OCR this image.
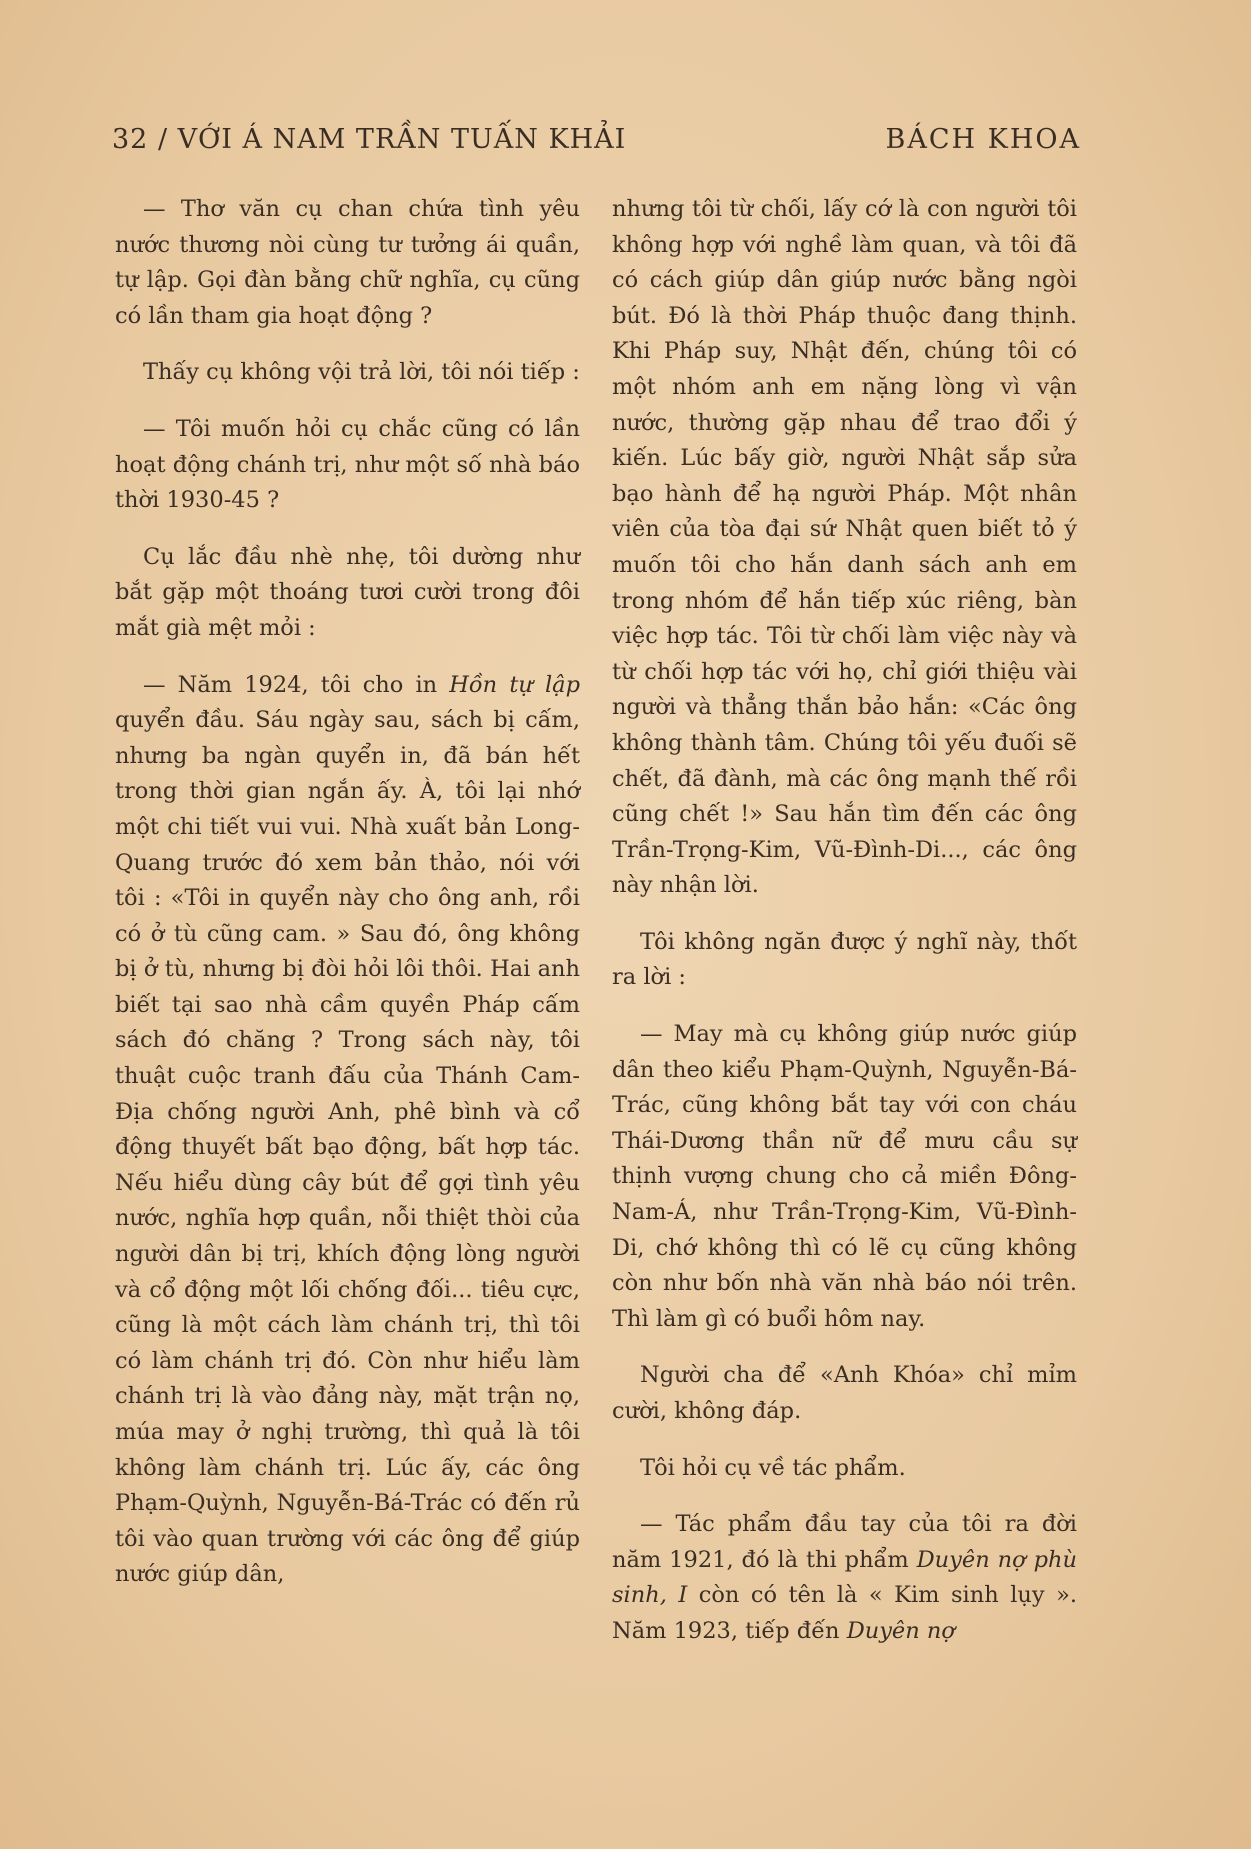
32 / VỚI Á NAM TRẦN TUẤN KHẢI	BÁCH KHOA

— Thơ văn cụ chan chứa tình yêu nước thương nòi cùng tư tưởng ái quần, tự lập. Gọi đàn bằng chữ nghĩa, cụ cũng có lần tham gia hoạt động ?

Thấy cụ không vội trả lời, tôi nói tiếp :

— Tôi muốn hỏi cụ chắc cũng có lần hoạt động chánh trị, như một số nhà báo thời 1930-45 ?

Cụ lắc đầu nhè nhẹ, tôi dường như bắt gặp một thoáng tươi cười trong đôi mắt già mệt mỏi :

— Năm 1924, tôi cho in Hồn tự lập quyển đầu. Sáu ngày sau, sách bị cấm, nhưng ba ngàn quyển in, đã bán hết trong thời gian ngắn ấy. À, tôi lại nhớ một chi tiết vui vui. Nhà xuất bản Long-Quang trước đó xem bản thảo, nói với tôi : «Tôi in quyển này cho ông anh, rồi có ở tù cũng cam. » Sau đó, ông không bị ở tù, nhưng bị đòi hỏi lôi thôi. Hai anh biết tại sao nhà cầm quyền Pháp cấm sách đó chăng ? Trong sách này, tôi thuật cuộc tranh đấu của Thánh Cam-Địa chống người Anh, phê bình và cổ động thuyết bất bạo động, bất hợp tác. Nếu hiểu dùng cây bút để gợi tình yêu nước, nghĩa hợp quần, nỗi thiệt thòi của người dân bị trị, khích động lòng người và cổ động một lối chống đối... tiêu cực, cũng là một cách làm chánh trị, thì tôi có làm chánh trị đó. Còn như hiểu làm chánh trị là vào đảng này, mặt trận nọ, múa may ở nghị trường, thì quả là tôi không làm chánh trị. Lúc ấy, các ông Phạm-Quỳnh, Nguyễn-Bá-Trác có đến rủ tôi vào quan trường với các ông để giúp nước giúp dân,

nhưng tôi từ chối, lấy cớ là con người tôi không hợp với nghề làm quan, và tôi đã có cách giúp dân giúp nước bằng ngòi bút. Đó là thời Pháp thuộc đang thịnh. Khi Pháp suy, Nhật đến, chúng tôi có một nhóm anh em nặng lòng vì vận nước, thường gặp nhau để trao đổi ý kiến. Lúc bấy giờ, người Nhật sắp sửa bạo hành để hạ người Pháp. Một nhân viên của tòa đại sứ Nhật quen biết tỏ ý muốn tôi cho hắn danh sách anh em trong nhóm để hắn tiếp xúc riêng, bàn việc hợp tác. Tôi từ chối làm việc này và từ chối hợp tác với họ, chỉ giới thiệu vài người và thẳng thắn bảo hắn: «Các ông không thành tâm. Chúng tôi yếu đuối sẽ chết, đã đành, mà các ông mạnh thế rồi cũng chết !» Sau hắn tìm đến các ông Trần-Trọng-Kim, Vũ-Đình-Di..., các ông này nhận lời.

Tôi không ngăn được ý nghĩ này, thốt ra lời :

— May mà cụ không giúp nước giúp dân theo kiểu Phạm-Quỳnh, Nguyễn-Bá-Trác, cũng không bắt tay với con cháu Thái-Dương thần nữ để mưu cầu sự thịnh vượng chung cho cả miền Đông-Nam-Á, như Trần-Trọng-Kim, Vũ-Đình-Di, chớ không thì có lẽ cụ cũng không còn như bốn nhà văn nhà báo nói trên. Thì làm gì có buổi hôm nay.

Người cha để «Anh Khóa» chỉ mỉm cười, không đáp.

Tôi hỏi cụ về tác phẩm.

— Tác phẩm đầu tay của tôi ra đời năm 1921, đó là thi phẩm Duyên nợ phù sinh, I còn có tên là « Kim sinh lụy ». Năm 1923, tiếp đến Duyên nợ
